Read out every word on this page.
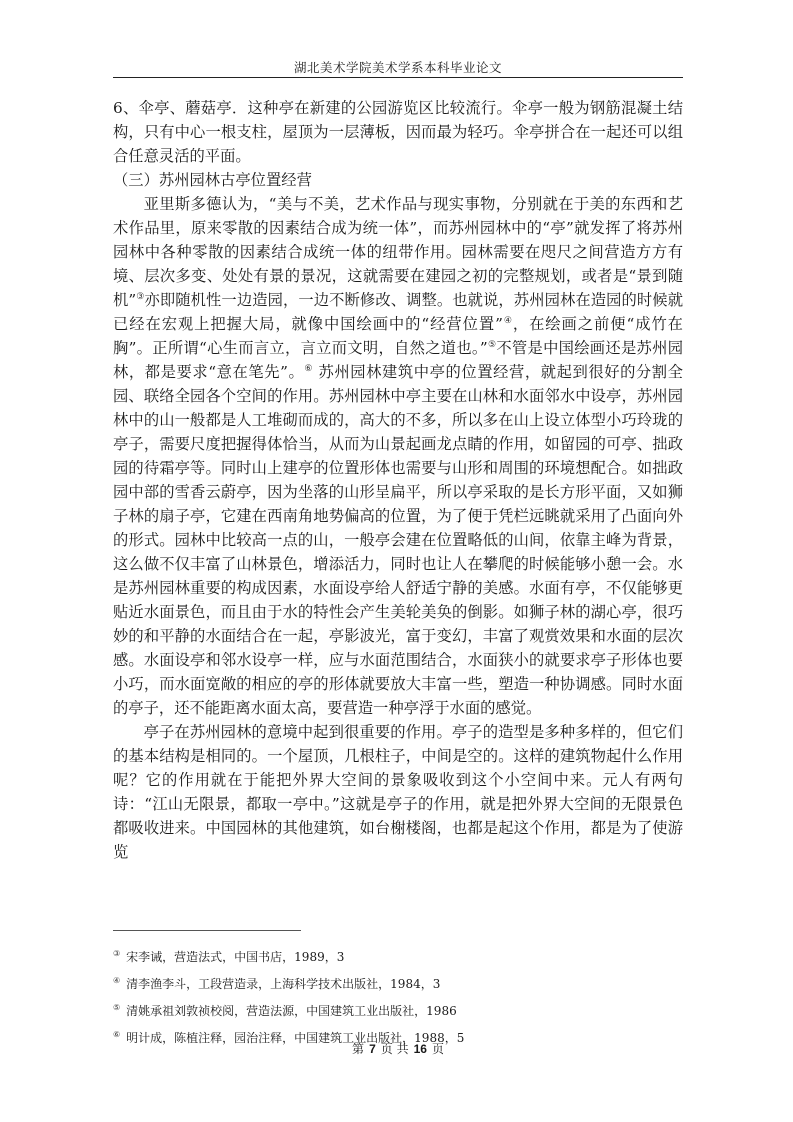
湖北美术学院美术学系本科毕业论文

6、伞亭、蘑菇亭．这种亭在新建的公园游览区比较流行。伞亭一般为钢筋混凝土结构，只有中心一根支柱，屋顶为一层薄板，因而最为轻巧。伞亭拼合在一起还可以组合任意灵活的平面。

（三）苏州园林古亭位置经营

亚里斯多德认为，“美与不美，艺术作品与现实事物，分别就在于美的东西和艺术作品里，原来零散的因素结合成为统一体”，而苏州园林中的“亭”就发挥了将苏州园林中各种零散的因素结合成统一体的纽带作用。园林需要在咫尺之间营造方方有境、层次多变、处处有景的景况，这就需要在建园之初的完整规划，或者是“景到随机”③亦即随机性一边造园，一边不断修改、调整。也就说，苏州园林在造园的时候就已经在宏观上把握大局，就像中国绘画中的“经营位置”④，在绘画之前便“成竹在胸”。正所谓“心生而言立，言立而文明，自然之道也。”⑤不管是中国绘画还是苏州园林，都是要求“意在笔先”。⑥ 苏州园林建筑中亭的位置经营，就起到很好的分割全园、联络全园各个空间的作用。苏州园林中亭主要在山林和水面邻水中设亭，苏州园林中的山一般都是人工堆砌而成的，高大的不多，所以多在山上设立体型小巧玲珑的亭子，需要尺度把握得体恰当，从而为山景起画龙点睛的作用，如留园的可亭、拙政园的待霜亭等。同时山上建亭的位置形体也需要与山形和周围的环境想配合。如拙政园中部的雪香云蔚亭，因为坐落的山形呈扁平，所以亭采取的是长方形平面，又如狮子林的扇子亭，它建在西南角地势偏高的位置，为了便于凭栏远眺就采用了凸面向外的形式。园林中比较高一点的山，一般亭会建在位置略低的山间，依靠主峰为背景，这么做不仅丰富了山林景色，增添活力，同时也让人在攀爬的时候能够小憩一会。水是苏州园林重要的构成因素，水面设亭给人舒适宁静的美感。水面有亭，不仅能够更贴近水面景色，而且由于水的特性会产生美轮美奂的倒影。如狮子林的湖心亭，很巧妙的和平静的水面结合在一起，亭影波光，富于变幻，丰富了观赏效果和水面的层次感。水面设亭和邻水设亭一样，应与水面范围结合，水面狭小的就要求亭子形体也要小巧，而水面宽敞的相应的亭的形体就要放大丰富一些，塑造一种协调感。同时水面的亭子，还不能距离水面太高，要营造一种亭浮于水面的感觉。

亭子在苏州园林的意境中起到很重要的作用。亭子的造型是多种多样的，但它们的基本结构是相同的。一个屋顶，几根柱子，中间是空的。这样的建筑物起什么作用呢？它的作用就在于能把外界大空间的景象吸收到这个小空间中来。元人有两句诗：“江山无限景，都取一亭中。”这就是亭子的作用，就是把外界大空间的无限景色都吸收进来。中国园林的其他建筑，如台榭楼阁，也都是起这个作用，都是为了使游览

③ 宋李诫，营造法式，中国书店，1989，3
④ 清李渔李斗，工段营造录，上海科学技术出版社，1984，3
⑤ 清姚承祖刘敦祯校阅，营造法源，中国建筑工业出版社，1986
⑥ 明计成，陈植注释，园治注释，中国建筑工业出版社，1988，5
第 7 页 共 16 页
